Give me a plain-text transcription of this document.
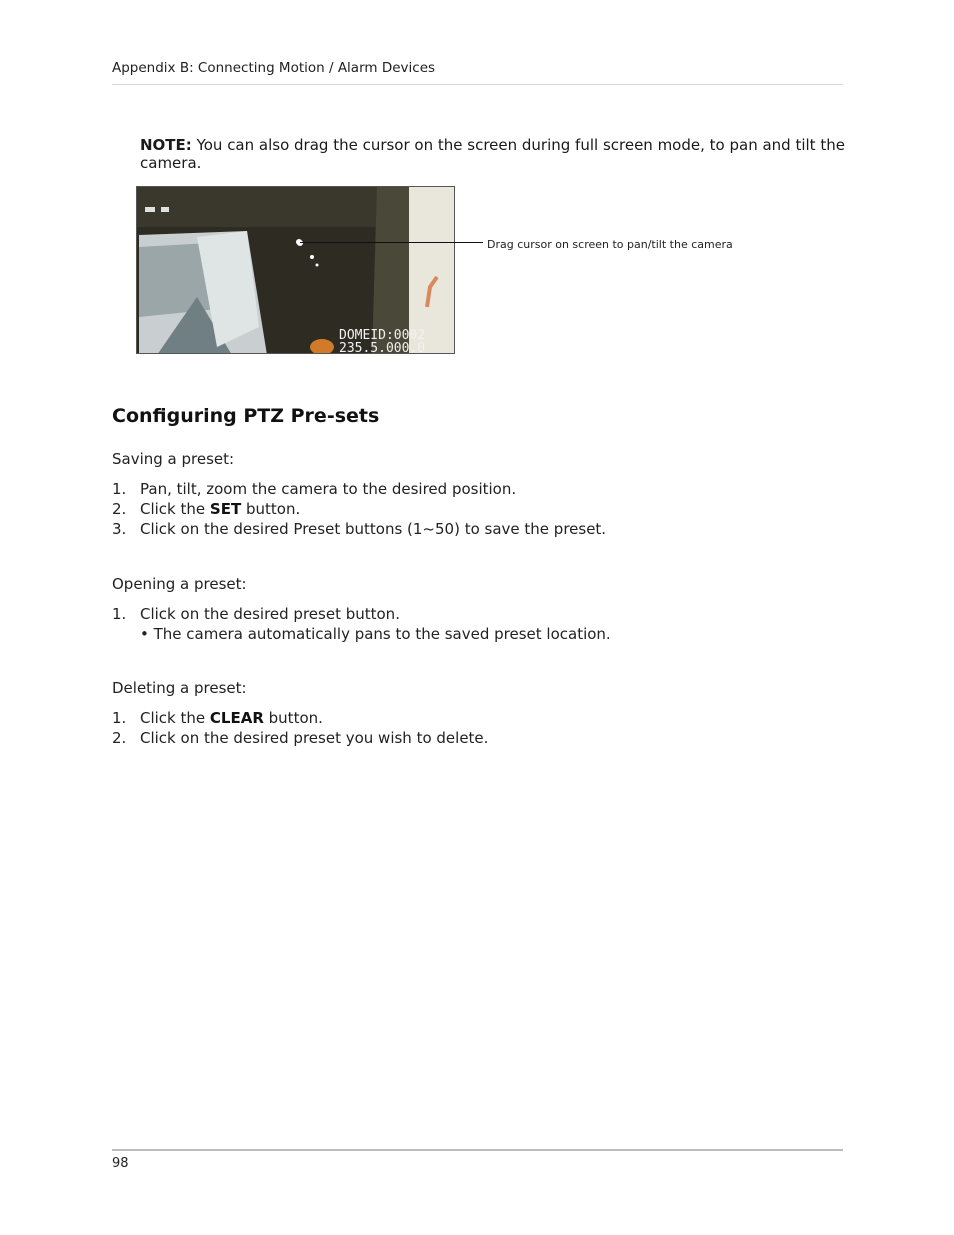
Appendix B: Connecting Motion / Alarm Devices
NOTE: You can also drag the cursor on the screen during full screen mode, to pan and tilt the camera.
DOMEID:0002
235.5.000.0
Drag cursor on screen to pan/tilt the camera
Configuring PTZ Pre-sets
Saving a preset:
1. Pan, tilt, zoom the camera to the desired position.
2. Click the SET button.
3. Click on the desired Preset buttons (1~50) to save the preset.
Opening a preset:
1. Click on the desired preset button.
• The camera automatically pans to the saved preset location.
Deleting a preset:
1. Click the CLEAR button.
2. Click on the desired preset you wish to delete.
98
